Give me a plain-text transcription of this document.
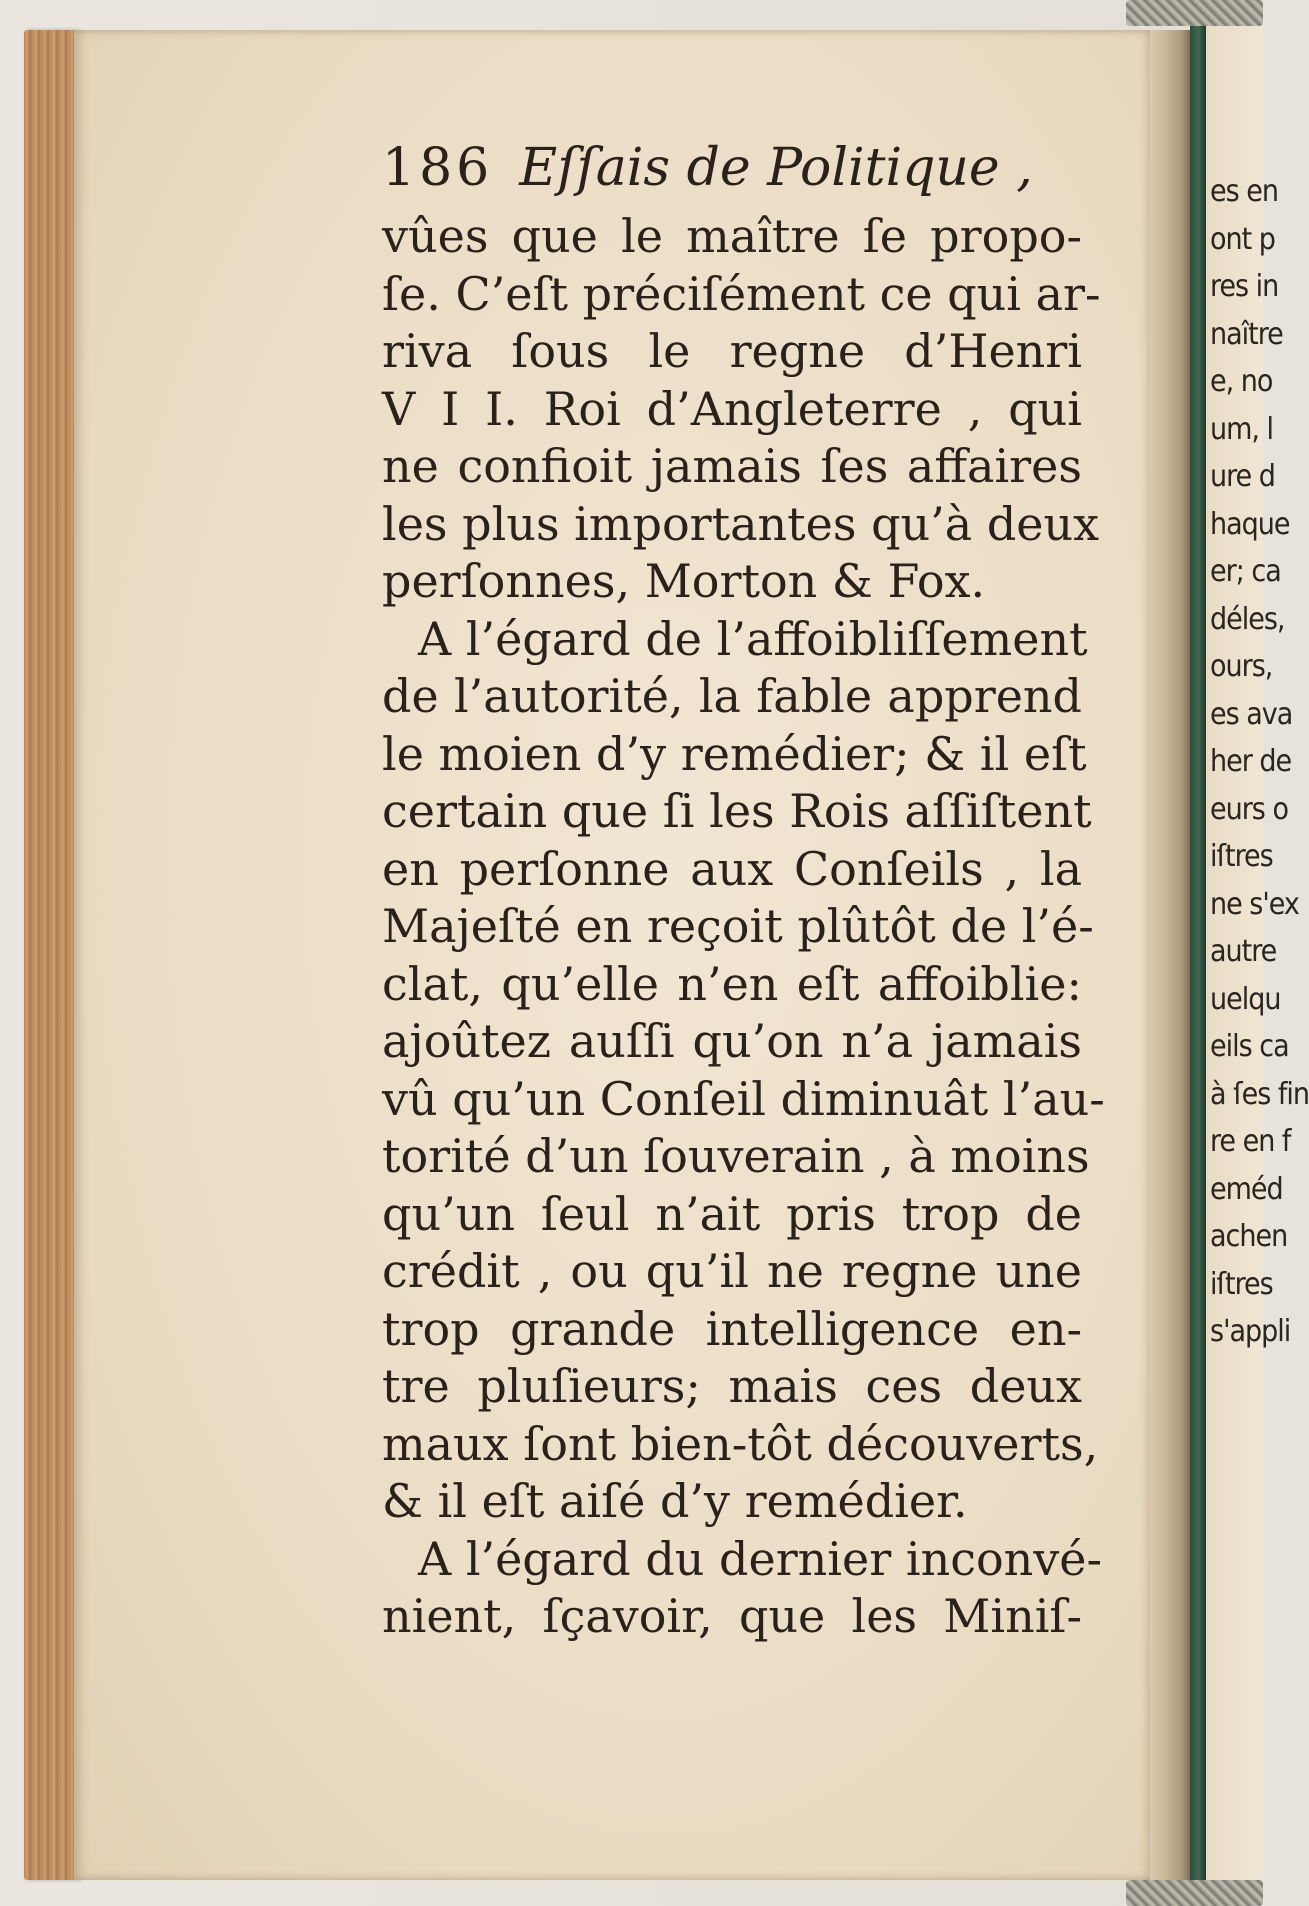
es en
ont p
res in
naître
e, no
um, l
ure d
haque
er; ca
déles,
ours,
es ava
her de
eurs o
iſtres
ne s'ex
autre
uelqu
eils ca
à ſes fin
re en f
eméd
achen
iſtres
s'appli
186 Eſſais de Politique ,
vûes que le maître ſe propo-
ſe. C’eſt préciſément ce qui ar-
riva ſous le regne d’Henri
V I I. Roi d’Angleterre , qui
ne confioit jamais ſes affaires
les plus importantes qu’à deux
perſonnes, Morton & Fox.
A l’égard de l’affoibliſſement
de l’autorité, la fable apprend
le moien d’y remédier; & il eſt
certain que ſi les Rois aſſiſtent
en perſonne aux Conſeils , la
Majeſté en reçoit plûtôt de l’é-
clat, qu’elle n’en eſt affoiblie:
ajoûtez auſſi qu’on n’a jamais
vû qu’un Conſeil diminuât l’au-
torité d’un ſouverain , à moins
qu’un ſeul n’ait pris trop de
crédit , ou qu’il ne regne une
trop grande intelligence en-
tre pluſieurs; mais ces deux
maux ſont bien-tôt découverts,
& il eſt aiſé d’y remédier.
A l’égard du dernier inconvé-
nient, ſçavoir, que les Miniſ-
